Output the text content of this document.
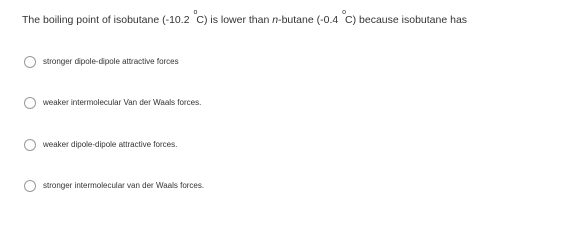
The boiling point of isobutane (-10.2 o C) is lower than n-butane (-0.4 o C) because isobutane has
stronger dipole-dipole attractive forces
weaker intermolecular Van der Waals forces.
weaker dipole-dipole attractive forces.
stronger intermolecular van der Waals forces.
